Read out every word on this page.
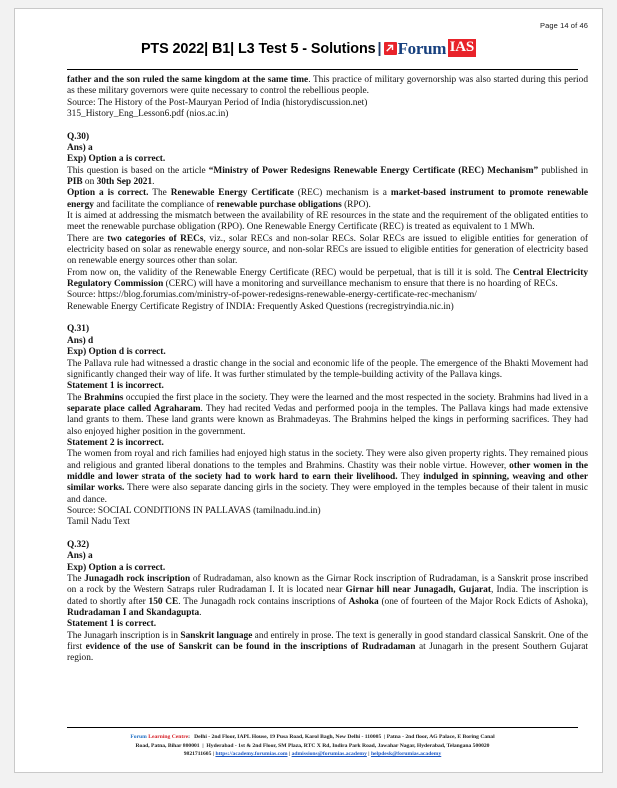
Page 14 of 46
PTS 2022| B1| L3 Test 5 - Solutions | Forum IAS

father and the son ruled the same kingdom at the same time. This practice of military governorship was also started during this period as these military governors were quite necessary to control the rebellious people.

Source: The History of the Post-Mauryan Period of India (historydiscussion.net)

315_History_Eng_Lesson6.pdf (nios.ac.in)

Q.30)

Ans) a

Exp) Option a is correct.

This question is based on the article “Ministry of Power Redesigns Renewable Energy Certificate (REC) Mechanism” published in PIB on 30th Sep 2021.

Option a is correct. The Renewable Energy Certificate (REC) mechanism is a market-based instrument to promote renewable energy and facilitate the compliance of renewable purchase obligations (RPO).

It is aimed at addressing the mismatch between the availability of RE resources in the state and the requirement of the obligated entities to meet the renewable purchase obligation (RPO). One Renewable Energy Certificate (REC) is treated as equivalent to 1 MWh.

There are two categories of RECs, viz., solar RECs and non-solar RECs. Solar RECs are issued to eligible entities for generation of electricity based on solar as renewable energy source, and non-solar RECs are issued to eligible entities for generation of electricity based on renewable energy sources other than solar.

From now on, the validity of the Renewable Energy Certificate (REC) would be perpetual, that is till it is sold. The Central Electricity Regulatory Commission (CERC) will have a monitoring and surveillance mechanism to ensure that there is no hoarding of RECs.

Source: https://blog.forumias.com/ministry-of-power-redesigns-renewable-energy-certificate-rec-mechanism/

Renewable Energy Certificate Registry of INDIA: Frequently Asked Questions (recregistryindia.nic.in)

Q.31)

Ans) d

Exp) Option d is correct.

The Pallava rule had witnessed a drastic change in the social and economic life of the people. The emergence of the Bhakti Movement had significantly changed their way of life. It was further stimulated by the temple-building activity of the Pallava kings.

Statement 1 is incorrect.

The Brahmins occupied the first place in the society. They were the learned and the most respected in the society. Brahmins had lived in a separate place called Agraharam. They had recited Vedas and performed pooja in the temples. The Pallava kings had made extensive land grants to them. These land grants were known as Brahmadeyas. The Brahmins helped the kings in performing sacrifices. They had also enjoyed higher position in the government.

Statement 2 is incorrect.

The women from royal and rich families had enjoyed high status in the society. They were also given property rights. They remained pious and religious and granted liberal donations to the temples and Brahmins. Chastity was their noble virtue. However, other women in the middle and lower strata of the society had to work hard to earn their livelihood. They indulged in spinning, weaving and other similar works. There were also separate dancing girls in the society. They were employed in the temples because of their talent in music and dance.

Source: SOCIAL CONDITIONS IN PALLAVAS (tamilnadu.ind.in)

Tamil Nadu Text

Q.32)

Ans) a

Exp) Option a is correct.

The Junagadh rock inscription of Rudradaman, also known as the Girnar Rock inscription of Rudradaman, is a Sanskrit prose inscribed on a rock by the Western Satraps ruler Rudradaman I. It is located near Girnar hill near Junagadh, Gujarat, India. The inscription is dated to shortly after 150 CE. The Junagadh rock contains inscriptions of Ashoka (one of fourteen of the Major Rock Edicts of Ashoka), Rudradaman I and Skandagupta.

Statement 1 is correct.

The Junagarh inscription is in Sanskrit language and entirely in prose. The text is generally in good standard classical Sanskrit. One of the first evidence of the use of Sanskrit can be found in the inscriptions of Rudradaman at Junagarh in the present Southern Gujarat region.

Forum Learning Centre: Delhi - 2nd Floor, IAPL House, 19 Pusa Road, Karol Bagh, New Delhi - 110005 | Patna - 2nd floor, AG Palace, E Boring Canal
Road, Patna, Bihar 800001 | Hyderabad - 1st & 2nd Floor, SM Plaza, RTC X Rd, Indira Park Road, Jawahar Nagar, Hyderabad, Telangana 500020
9821711605 | https://academy.forumias.com | admissions@forumias.academy | helpdesk@forumias.academy
